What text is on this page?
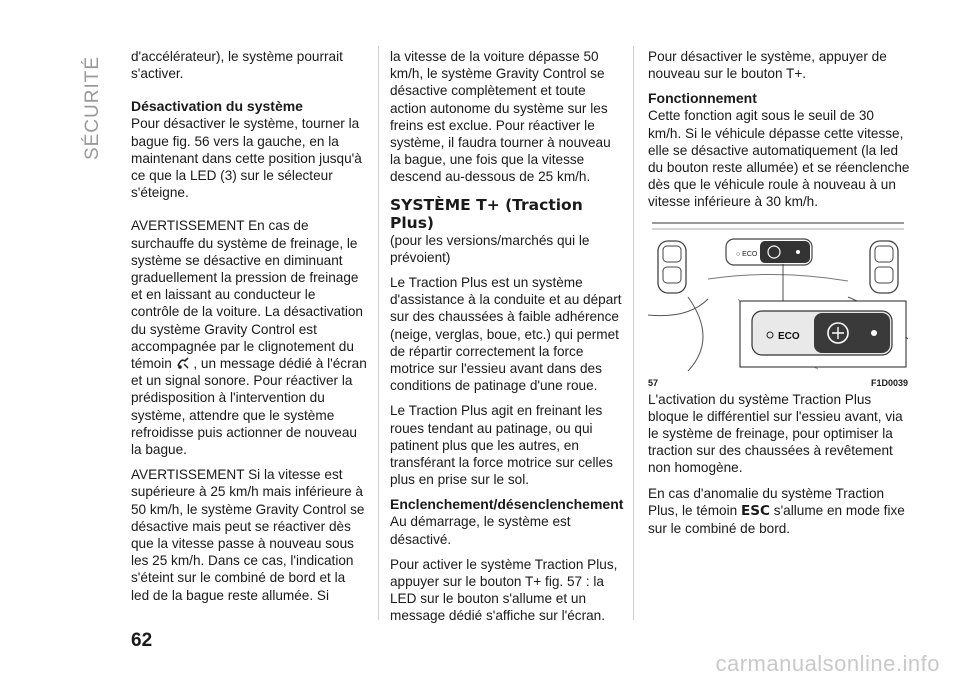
SÉCURITÉ d'accélérateur), le système pourrait s'activer.

Désactivation du système

Pour désactiver le système, tourner la bague fig. 56 vers la gauche, en la maintenant dans cette position jusqu'à ce que la LED (3) sur le sélecteur s'éteigne.

AVERTISSEMENT En cas de surchauffe du système de freinage, le système se désactive en diminuant graduellement la pression de freinage et en laissant au conducteur le contrôle de la voiture. La désactivation du système Gravity Control est accompagnée par le clignotement du témoin , un message dédié à l'écran et un signal sonore. Pour réactiver la prédisposition à l'intervention du système, attendre que le système refroidisse puis actionner de nouveau la bague.

AVERTISSEMENT Si la vitesse est supérieure à 25 km/h mais inférieure à 50 km/h, le système Gravity Control se désactive mais peut se réactiver dès que la vitesse passe à nouveau sous les 25 km/h. Dans ce cas, l'indication s'éteint sur le combiné de bord et la led de la bague reste allumée. Si

la vitesse de la voiture dépasse 50 km/h, le système Gravity Control se désactive complètement et toute action autonome du système sur les freins est exclue. Pour réactiver le système, il faudra tourner à nouveau la bague, une fois que la vitesse descend au-dessous de 25 km/h.

SYSTÈME T+ (Traction Plus)

(pour les versions/marchés qui le prévoient)

Le Traction Plus est un système d'assistance à la conduite et au départ sur des chaussées à faible adhérence (neige, verglas, boue, etc.) qui permet de répartir correctement la force motrice sur l'essieu avant dans des conditions de patinage d'une roue.

Le Traction Plus agit en freinant les roues tendant au patinage, ou qui patinent plus que les autres, en transférant la force motrice sur celles plus en prise sur le sol.

Enclenchement/désenclenchement

Au démarrage, le système est désactivé.

Pour activer le système Traction Plus, appuyer sur le bouton T+ fig. 57 : la LED sur le bouton s'allume et un message dédié s'affiche sur l'écran.

Pour désactiver le système, appuyer de nouveau sur le bouton T+.

Fonctionnement

Cette fonction agit sous le seuil de 30 km/h. Si le véhicule dépasse cette vitesse, elle se désactive automatiquement (la led du bouton reste allumée) et se réenclenche dès que le véhicule roule à nouveau à un vitesse inférieure à 30 km/h.

○ ECO
ECO
57	F1D0039

L'activation du système Traction Plus bloque le différentiel sur l'essieu avant, via le système de freinage, pour optimiser la traction sur des chaussées à revêtement non homogène.

En cas d'anomalie du système Traction Plus, le témoin ESC s'allume en mode fixe sur le combiné de bord.

62
carmanualsonline.info
